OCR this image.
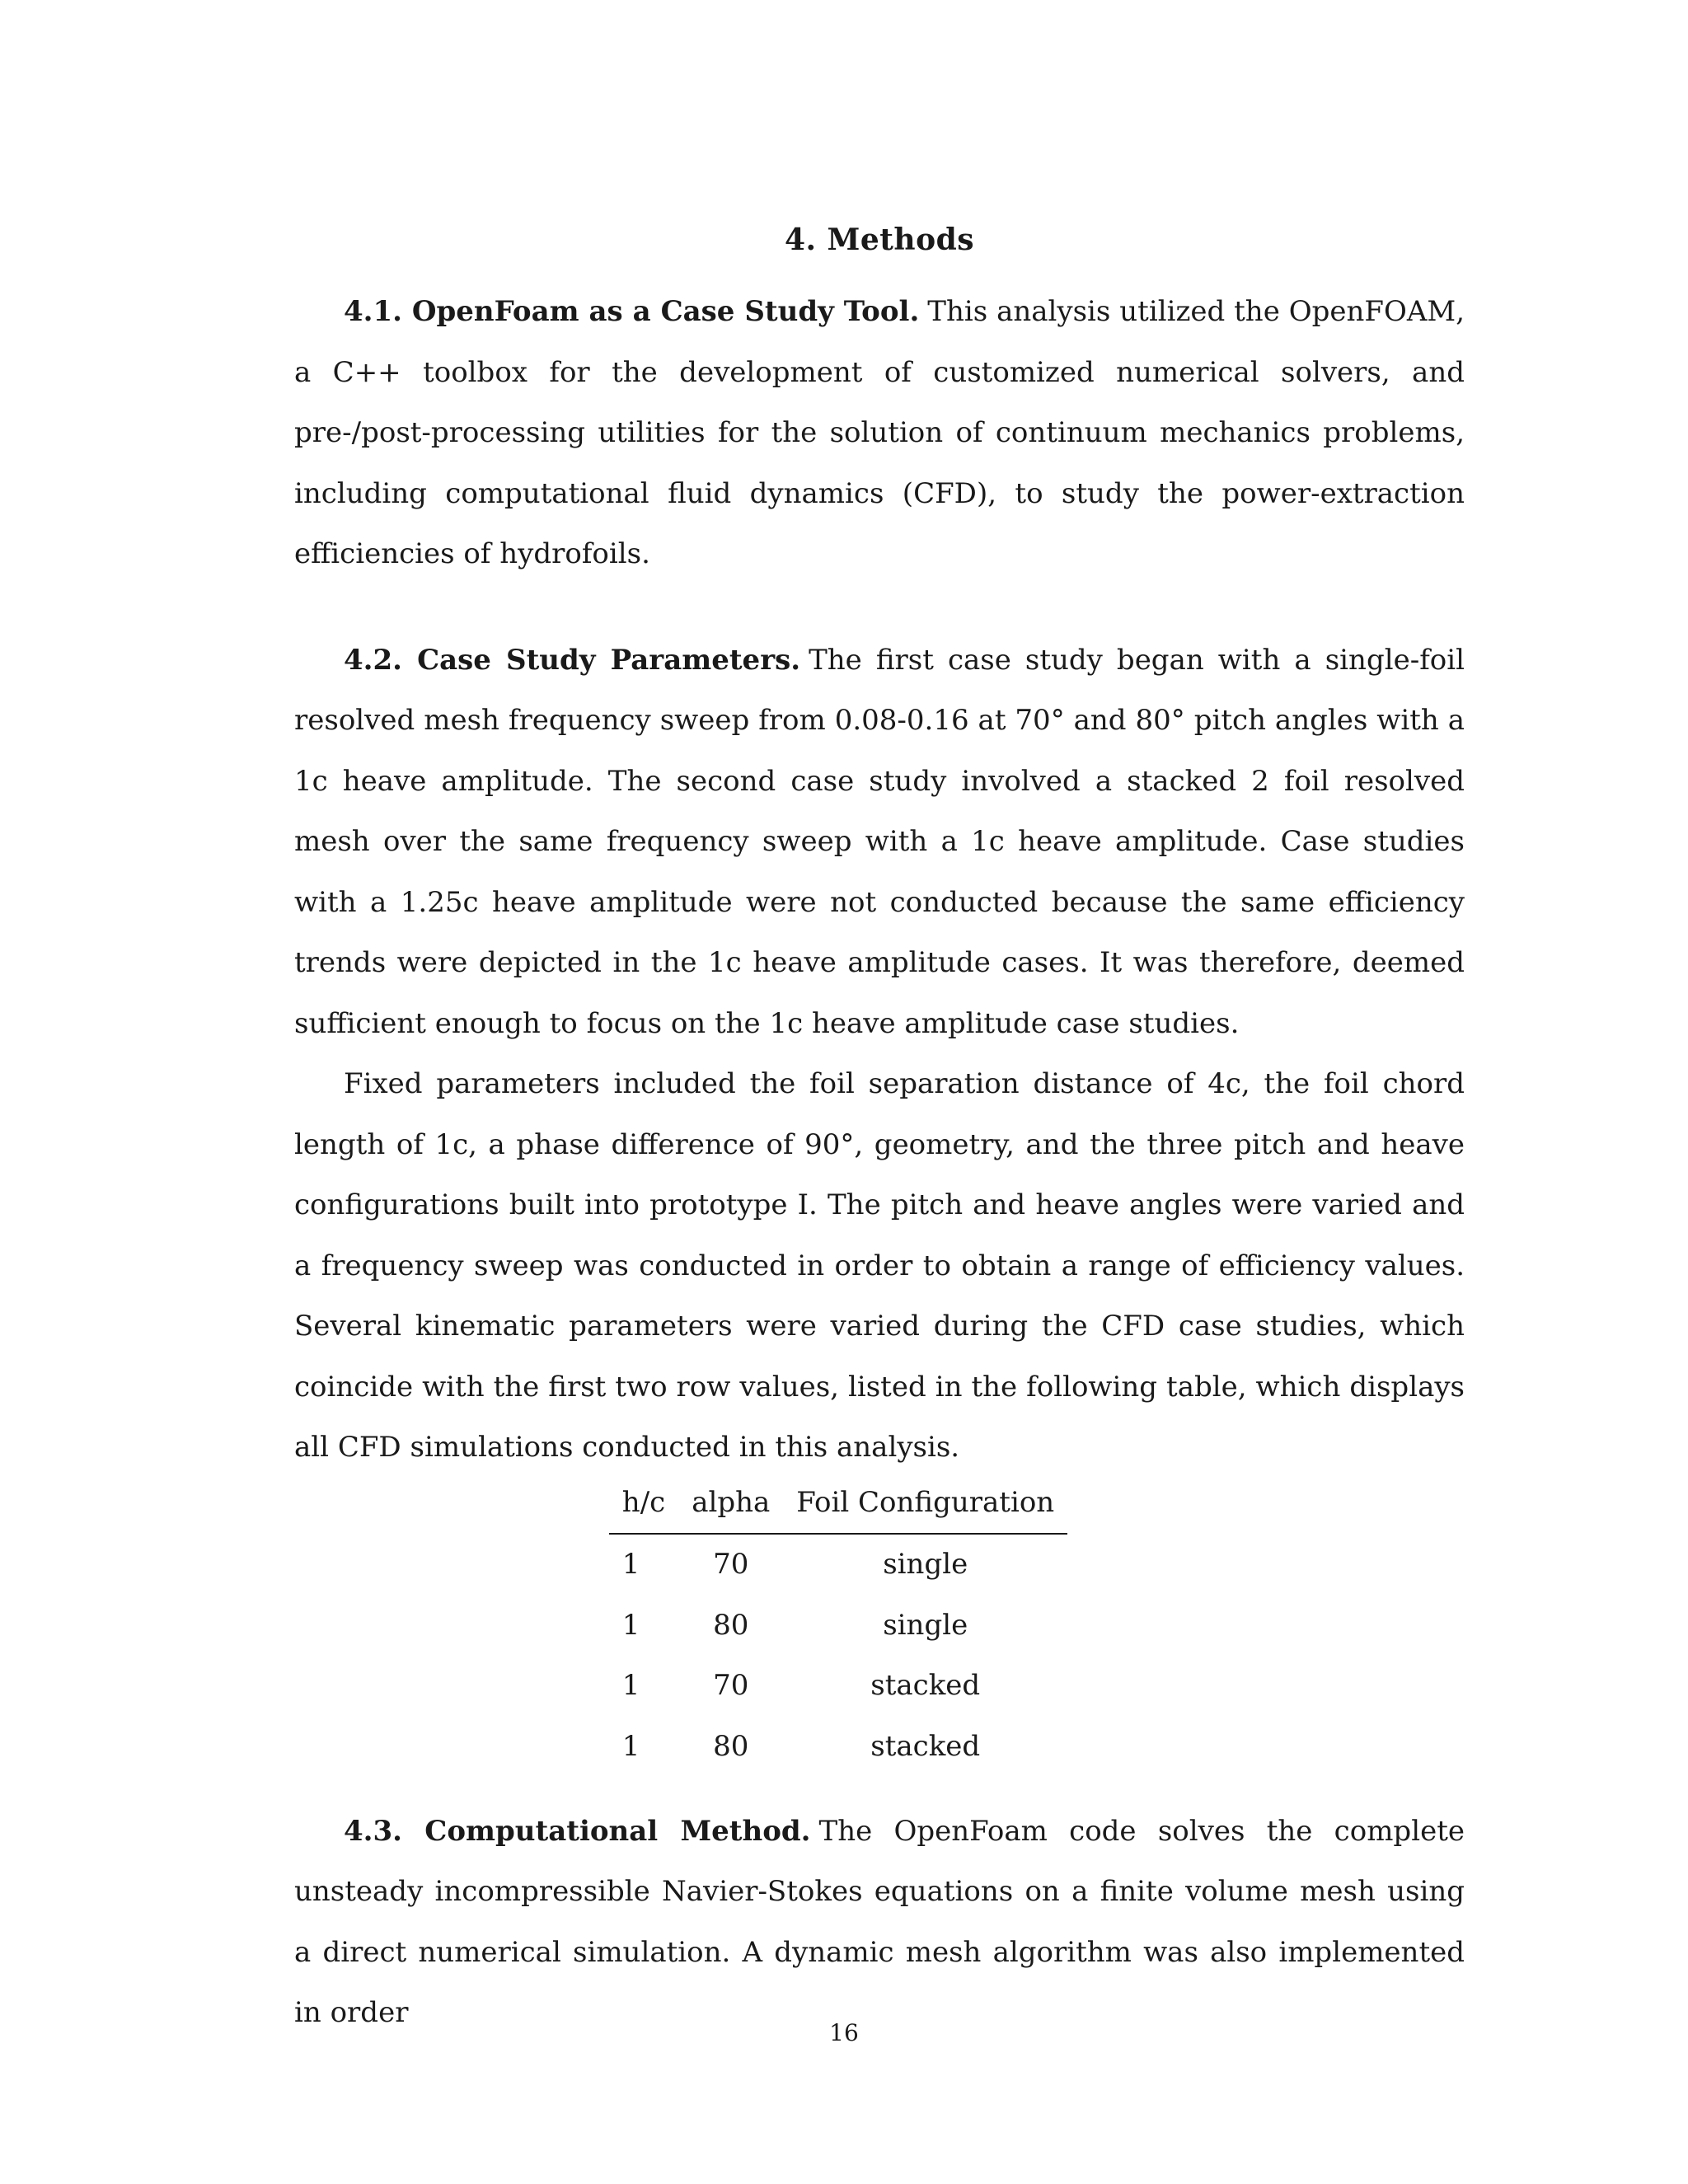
4. Methods

4.1. OpenFoam as a Case Study Tool. This analysis utilized the OpenFOAM, a C++ toolbox for the development of customized numerical solvers, and pre-/post-processing utilities for the solution of continuum mechanics problems, including computational fluid dynamics (CFD), to study the power-extraction efficiencies of hydrofoils.

4.2. Case Study Parameters. The first case study began with a single-foil resolved mesh frequency sweep from 0.08-0.16 at 70° and 80° pitch angles with a 1c heave amplitude. The second case study involved a stacked 2 foil resolved mesh over the same frequency sweep with a 1c heave amplitude. Case studies with a 1.25c heave amplitude were not conducted because the same efficiency trends were depicted in the 1c heave amplitude cases. It was therefore, deemed sufficient enough to focus on the 1c heave amplitude case studies.

Fixed parameters included the foil separation distance of 4c, the foil chord length of 1c, a phase difference of 90°, geometry, and the three pitch and heave configurations built into prototype I. The pitch and heave angles were varied and a frequency sweep was conducted in order to obtain a range of efficiency values. Several kinematic parameters were varied during the CFD case studies, which coincide with the first two row values, listed in the following table, which displays all CFD simulations conducted in this analysis.

h/c	alpha	Foil Configuration
1	70	single
1	80	single
1	70	stacked
1	80	stacked

4.3. Computational Method. The OpenFoam code solves the complete unsteady incompressible Navier-Stokes equations on a finite volume mesh using a direct numerical simulation. A dynamic mesh algorithm was also implemented in order

16
